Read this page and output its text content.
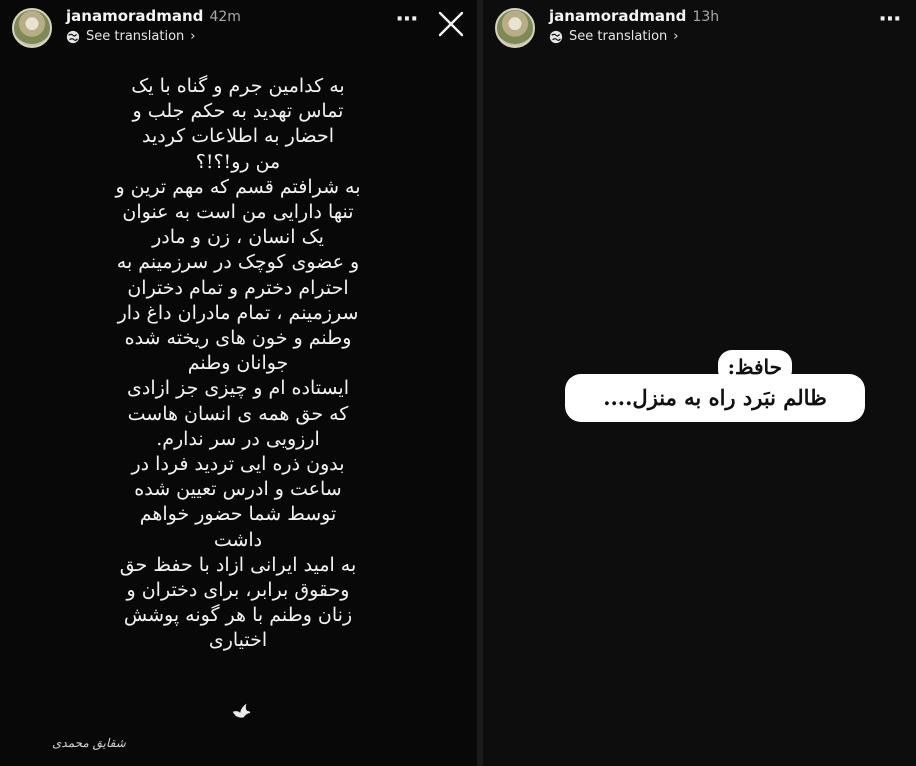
janamoradmand 42m
See translation ›
⋯
به کدامین جرم و گناه با یک
تماس تهدید به حکم جلب و
احضار به اطلاعات کردید
من رو!؟!؟
به شرافتم قسم که مهم ترین و
تنها دارایی من است به عنوان
یک انسان ، زن و مادر
و عضوی کوچک در سرزمینم به
احترام دخترم و تمام دختران
سرزمینم ، تمام مادران داغ دار
وطنم و خون های ریخته شده
جوانان وطنم
ایستاده ام و چیزی جز ازادی
که حق همه ی انسان هاست
ارزویی در سر ندارم.
بدون ذره ایی تردید فردا در
ساعت و ادرس تعیین شده
توسط شما حضور خواهم
داشت
به امید ایرانی ازاد با حفظ حق
وحقوق برابر، برای دختران و
زنان وطنم با هر گونه پوشش
اختیاری
شقایق محمدی
janamoradmand 13h
See translation ›
⋯
ظالم نبَرد راه به منزل....
حافظ:
